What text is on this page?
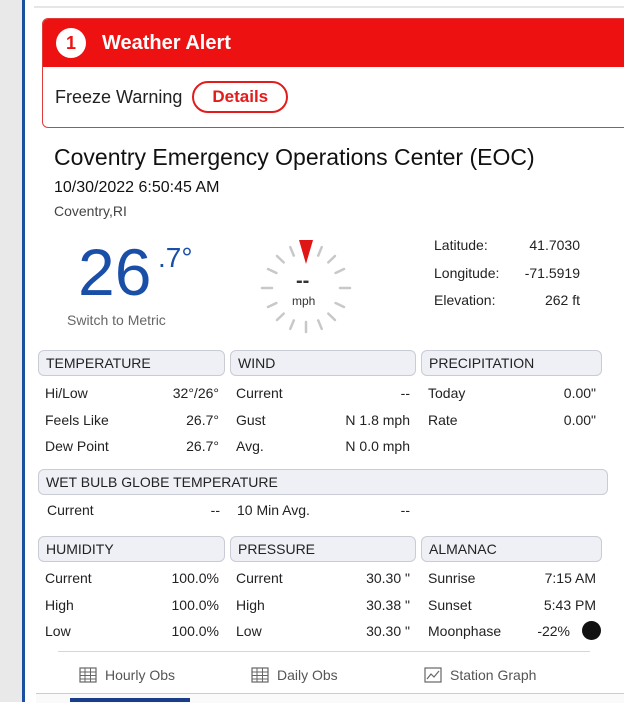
1	Weather Alert
Freeze Warning	Details
Coventry Emergency Operations Center (EOC)
10/30/2022 6:50:45 AM
Coventry,RI
26 .7°
Switch to Metric
--
mph
Latitude:	41.7030
Longitude:	-71.5919
Elevation:	262 ft
TEMPERATURE
Hi/Low	32°/26°
Feels Like	26.7°
Dew Point	26.7°
WIND
Current	--
Gust	N 1.8 mph
Avg.	N 0.0 mph
PRECIPITATION
Today	0.00"
Rate	0.00"
WET BULB GLOBE TEMPERATURE
Current	-- 10 Min Avg.	--
HUMIDITY
Current	100.0%
High	100.0%
Low	100.0%
PRESSURE
Current	30.30 "
High	30.38 "
Low	30.30 "
ALMANAC
Sunrise	7:15 AM
Sunset	5:43 PM
Moonphase	-22%
Hourly Obs	Daily Obs	Station Graph
